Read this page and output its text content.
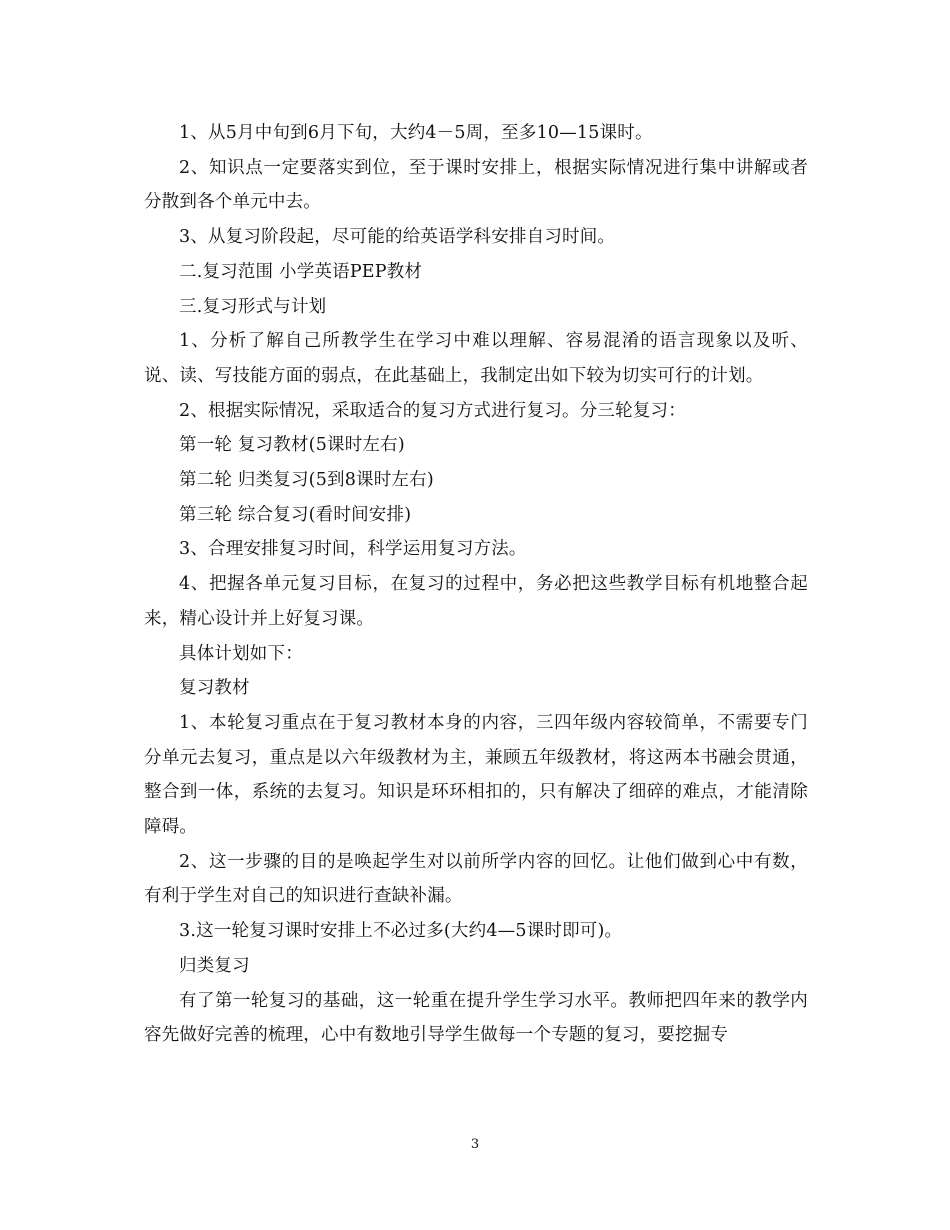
1、从5月中旬到6月下旬，大约4－5周，至多10—15课时。

2、知识点一定要落实到位，至于课时安排上，根据实际情况进行集中讲解或者分散到各个单元中去。

3、从复习阶段起，尽可能的给英语学科安排自习时间。

二.复习范围 小学英语PEP教材

三.复习形式与计划

1、分析了解自己所教学生在学习中难以理解、容易混淆的语言现象以及听、说、读、写技能方面的弱点，在此基础上，我制定出如下较为切实可行的计划。

2、根据实际情况，采取适合的复习方式进行复习。分三轮复习：

第一轮 复习教材(5课时左右)

第二轮 归类复习(5到8课时左右)

第三轮 综合复习(看时间安排)

3、合理安排复习时间，科学运用复习方法。

4、把握各单元复习目标，在复习的过程中，务必把这些教学目标有机地整合起来，精心设计并上好复习课。

具体计划如下：

复习教材

1、本轮复习重点在于复习教材本身的内容，三四年级内容较简单，不需要专门分单元去复习，重点是以六年级教材为主，兼顾五年级教材，将这两本书融会贯通，整合到一体，系统的去复习。知识是环环相扣的，只有解决了细碎的难点，才能清除障碍。

2、这一步骤的目的是唤起学生对以前所学内容的回忆。让他们做到心中有数，有利于学生对自己的知识进行查缺补漏。

3.这一轮复习课时安排上不必过多(大约4—5课时即可)。

归类复习

有了第一轮复习的基础，这一轮重在提升学生学习水平。教师把四年来的教学内容先做好完善的梳理，心中有数地引导学生做每一个专题的复习，要挖掘专

3
